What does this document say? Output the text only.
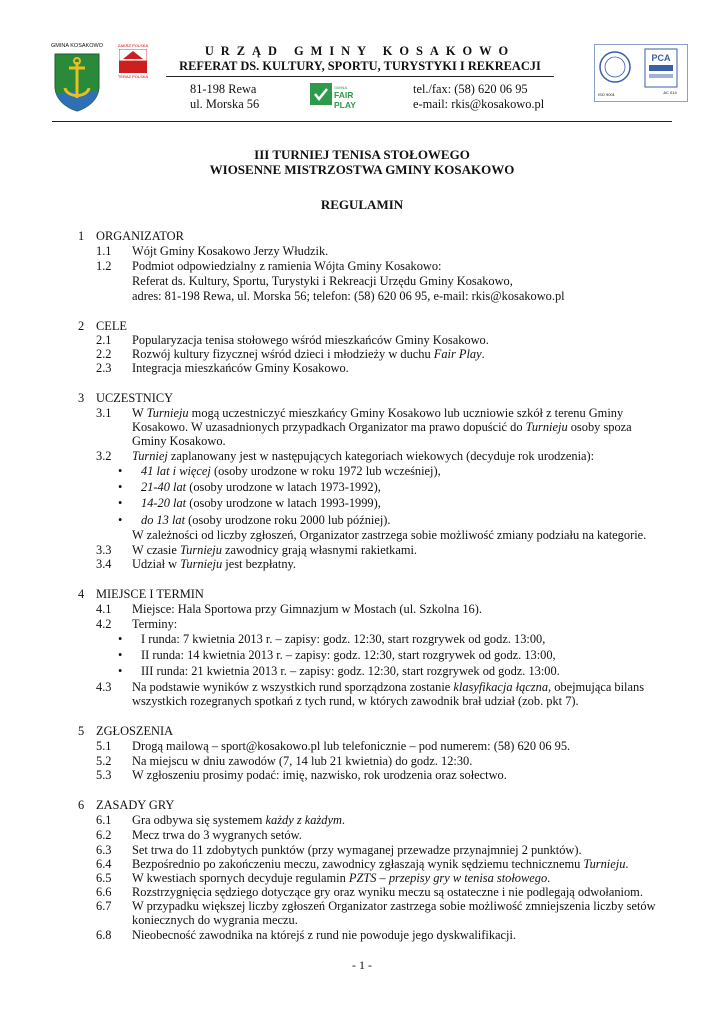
GMINA KOSAKOWO	ZAKRZ POLSKA
TERAZ POLSKA
URZĄD GMINY KOSAKOWO
REFERAT DS. KULTURY, SPORTU, TURYSTYKI I REKREACJI
81-198 Rewa
ul. Morska 56
GMINA
FAIR PLAY
tel./fax: (58) 620 06 95
e-mail: rkis@kosakowo.pl
PCA
ISO 9001	AC 014
III TURNIEJ TENISA STOŁOWEGO
WIOSENNE MISTRZOSTWA GMINY KOSAKOWO
REGULAMIN
1 ORGANIZATOR
1.1 Wójt Gminy Kosakowo Jerzy Włudzik.
1.2 Podmiot odpowiedzialny z ramienia Wójta Gminy Kosakowo:
Referat ds. Kultury, Sportu, Turystyki i Rekreacji Urzędu Gminy Kosakowo,
adres: 81-198 Rewa, ul. Morska 56; telefon: (58) 620 06 95, e-mail: rkis@kosakowo.pl
2 CELE
2.1 Popularyzacja tenisa stołowego wśród mieszkańców Gminy Kosakowo.
2.2 Rozwój kultury fizycznej wśród dzieci i młodzieży w duchu Fair Play.
2.3 Integracja mieszkańców Gminy Kosakowo.
3 UCZESTNICY
3.1 W Turnieju mogą uczestniczyć mieszkańcy Gminy Kosakowo lub uczniowie szkół z terenu Gminy
Kosakowo. W uzasadnionych przypadkach Organizator ma prawo dopuścić do Turnieju osoby spoza
Gminy Kosakowo.
3.2 Turniej zaplanowany jest w następujących kategoriach wiekowych (decyduje rok urodzenia):
• 41 lat i więcej (osoby urodzone w roku 1972 lub wcześniej),
• 21-40 lat (osoby urodzone w latach 1973-1992),
• 14-20 lat (osoby urodzone w latach 1993-1999),
• do 13 lat (osoby urodzone roku 2000 lub później).
W zależności od liczby zgłoszeń, Organizator zastrzega sobie możliwość zmiany podziału na kategorie.
3.3 W czasie Turnieju zawodnicy grają własnymi rakietkami.
3.4 Udział w Turnieju jest bezpłatny.
4 MIEJSCE I TERMIN
4.1 Miejsce: Hala Sportowa przy Gimnazjum w Mostach (ul. Szkolna 16).
4.2 Terminy:
• I runda: 7 kwietnia 2013 r. – zapisy: godz. 12:30, start rozgrywek od godz. 13:00,
• II runda: 14 kwietnia 2013 r. – zapisy: godz. 12:30, start rozgrywek od godz. 13:00,
• III runda: 21 kwietnia 2013 r. – zapisy: godz. 12:30, start rozgrywek od godz. 13:00.
4.3 Na podstawie wyników z wszystkich rund sporządzona zostanie klasyfikacja łączna, obejmująca bilans
wszystkich rozegranych spotkań z tych rund, w których zawodnik brał udział (zob. pkt 7).
5 ZGŁOSZENIA
5.1 Drogą mailową – sport@kosakowo.pl lub telefonicznie – pod numerem: (58) 620 06 95.
5.2 Na miejscu w dniu zawodów (7, 14 lub 21 kwietnia) do godz. 12:30.
5.3 W zgłoszeniu prosimy podać: imię, nazwisko, rok urodzenia oraz sołectwo.
6 ZASADY GRY
6.1 Gra odbywa się systemem każdy z każdym.
6.2 Mecz trwa do 3 wygranych setów.
6.3 Set trwa do 11 zdobytych punktów (przy wymaganej przewadze przynajmniej 2 punktów).
6.4 Bezpośrednio po zakończeniu meczu, zawodnicy zgłaszają wynik sędziemu technicznemu Turnieju.
6.5 W kwestiach spornych decyduje regulamin PZTS – przepisy gry w tenisa stołowego.
6.6 Rozstrzygnięcia sędziego dotyczące gry oraz wyniku meczu są ostateczne i nie podlegają odwołaniom.
6.7 W przypadku większej liczby zgłoszeń Organizator zastrzega sobie możliwość zmniejszenia liczby setów
koniecznych do wygrania meczu.
6.8 Nieobecność zawodnika na którejś z rund nie powoduje jego dyskwalifikacji.
- 1 -
